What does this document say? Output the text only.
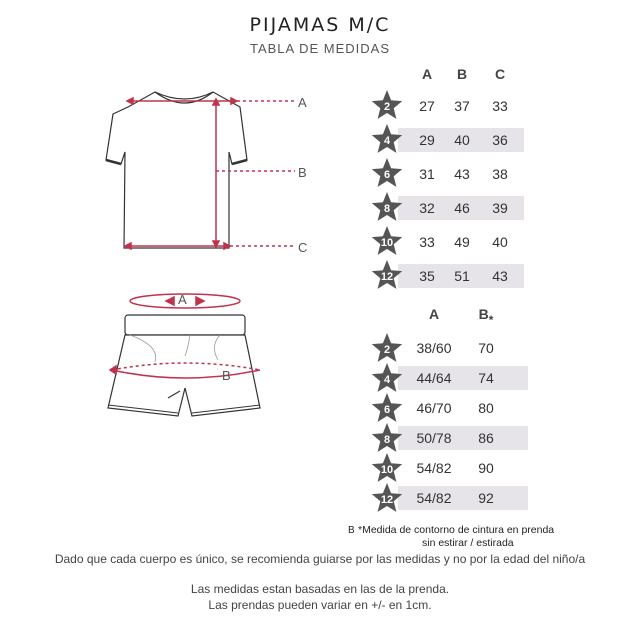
PIJAMAS M/C
TABLA DE MEDIDAS
A
B
C
A
B
A	B	C
2	27	37	33
4	29	40	36
6	31	43	38
8	32	46	39
10	33	49	40
12	35	51	43
A	B*
2	38/60	70
4	44/64	74
6	46/70	80
8	50/78	86
10	54/82	90
12	54/82	92
B *Medida de contorno de cintura en prenda
sin estirar / estirada
Dado que cada cuerpo es único, se recomienda guiarse por las medidas y no por la edad del niño/a
Las medidas estan basadas en las de la prenda.
Las prendas pueden variar en +/- en 1cm.
